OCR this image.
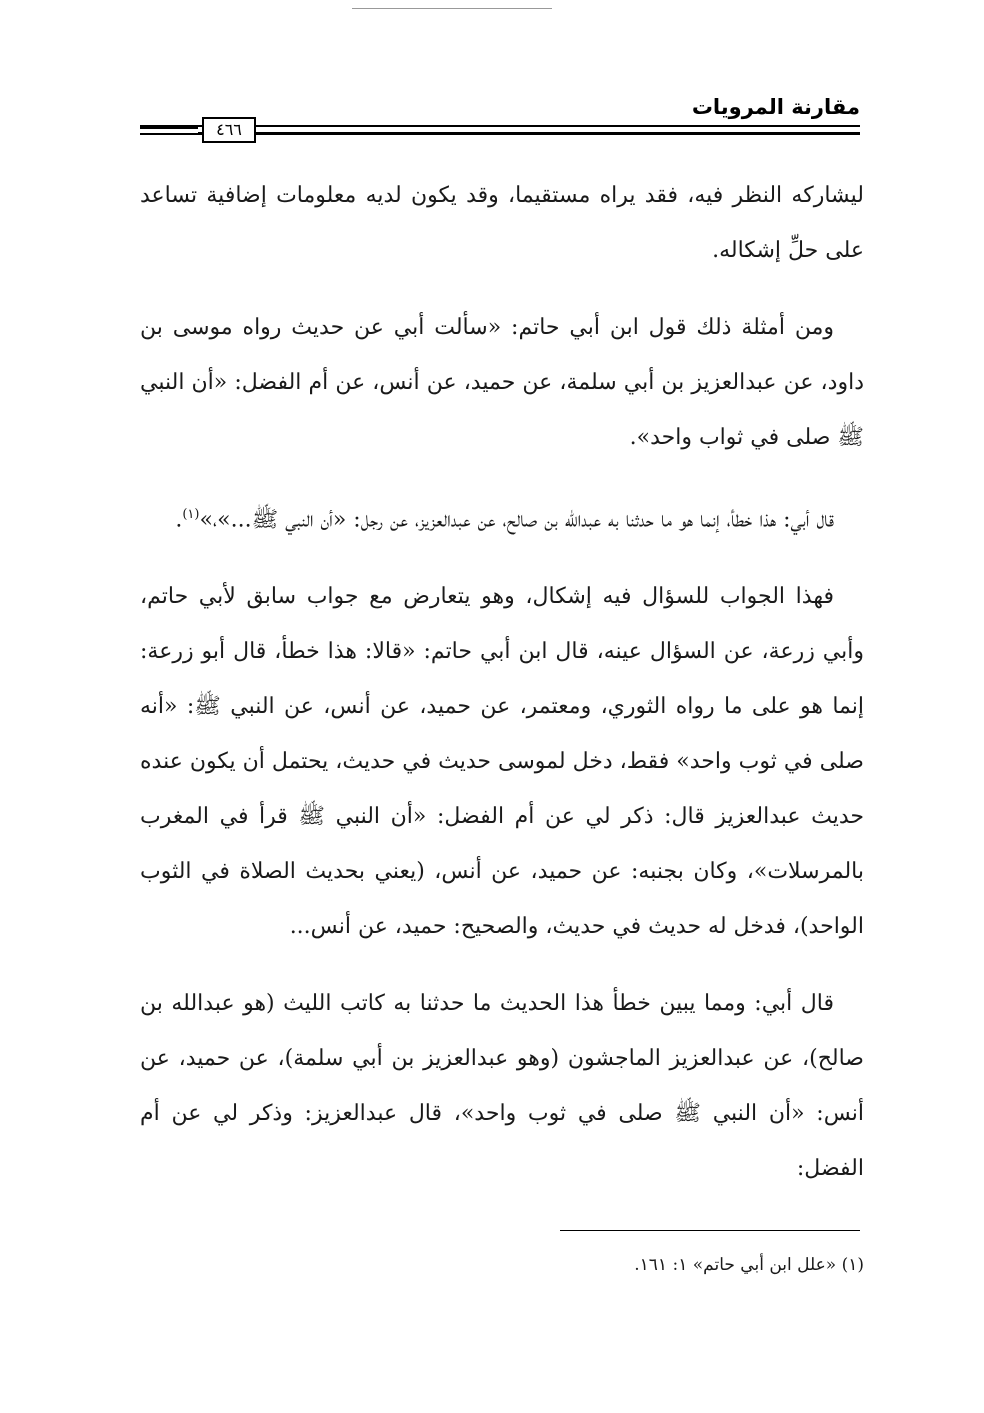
مقارنة المرويات
٤٦٦

ليشاركه النظر فيه، فقد يراه مستقيما، وقد يكون لديه معلومات إضافية تساعد على حلِّ إشكاله.

ومن أمثلة ذلك قول ابن أبي حاتم: «سألت أبي عن حديث رواه موسى بن داود، عن عبدالعزيز بن أبي سلمة، عن حميد، عن أنس، عن أم الفضل: «أن النبي ﷺ صلى في ثواب واحد».

قال أبي: هذا خطأ، إنما هو ما حدثنا به عبدالله بن صالح، عن عبدالعزيز، عن رجل: «أن النبي ﷺ...»،»$^{(١)}$.

فهذا الجواب للسؤال فيه إشكال، وهو يتعارض مع جواب سابق لأبي حاتم، وأبي زرعة، عن السؤال عينه، قال ابن أبي حاتم: «قالا: هذا خطأ، قال أبو زرعة: إنما هو على ما رواه الثوري، ومعتمر، عن حميد، عن أنس، عن النبي ﷺ: «أنه صلى في ثوب واحد» فقط، دخل لموسى حديث في حديث، يحتمل أن يكون عنده حديث عبدالعزيز قال: ذكر لي عن أم الفضل: «أن النبي ﷺ قرأ في المغرب بالمرسلات»، وكان بجنبه: عن حميد، عن أنس، (يعني بحديث الصلاة في الثوب الواحد)، فدخل له حديث في حديث، والصحيح: حميد، عن أنس...

قال أبي: ومما يبين خطأ هذا الحديث ما حدثنا به كاتب الليث (هو عبدالله بن صالح)، عن عبدالعزيز الماجشون (وهو عبدالعزيز بن أبي سلمة)، عن حميد، عن أنس: «أن النبي ﷺ صلى في ثوب واحد»، قال عبدالعزيز: وذكر لي عن أم الفضل:

(١) «علل ابن أبي حاتم» ١: ١٦١.
